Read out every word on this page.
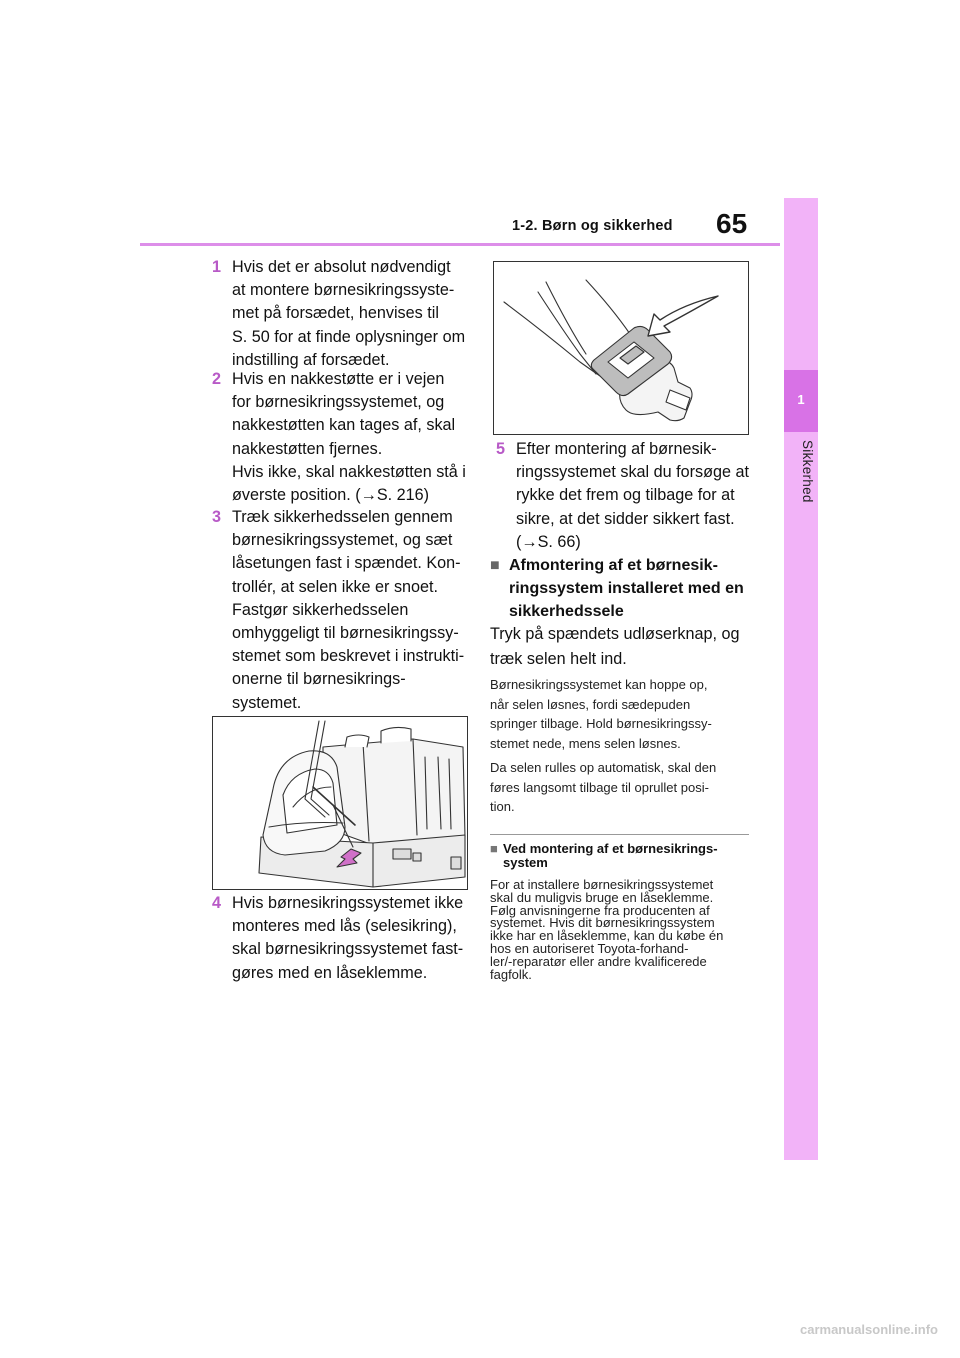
1-2. Børn og sikkerhed 65
1
Sikkerhed
1 Hvis det er absolut nødvendigt
at montere børnesikringssyste-
met på forsædet, henvises til
S. 50 for at finde oplysninger om
indstilling af forsædet.
2 Hvis en nakkestøtte er i vejen
for børnesikringssystemet, og
nakkestøtten kan tages af, skal
nakkestøtten fjernes.
Hvis ikke, skal nakkestøtten stå i
øverste position. (→S. 216)
3 Træk sikkerhedsselen gennem
børnesikringssystemet, og sæt
låsetungen fast i spændet. Kon-
trollér, at selen ikke er snoet.
Fastgør sikkerhedsselen
omhyggeligt til børnesikringssy-
stemet som beskrevet i instrukti-
onerne til børnesikrings-
systemet.
4 Hvis børnesikringssystemet ikke
monteres med lås (selesikring),
skal børnesikringssystemet fast-
gøres med en låseklemme.
5 Efter montering af børnesik-
ringssystemet skal du forsøge at
rykke det frem og tilbage for at
sikre, at det sidder sikkert fast.
(→S. 66)
■ Afmontering af et børnesik-
ringssystem installeret med en
sikkerhedssele
Tryk på spændets udløserknap, og
træk selen helt ind.
Børnesikringssystemet kan hoppe op,
når selen løsnes, fordi sædepuden
springer tilbage. Hold børnesikringssy-
stemet nede, mens selen løsnes.
Da selen rulles op automatisk, skal den
føres langsomt tilbage til oprullet posi-
tion.
■ Ved montering af et børnesikrings-
system
For at installere børnesikringssystemet
skal du muligvis bruge en låseklemme.
Følg anvisningerne fra producenten af
systemet. Hvis dit børnesikringssystem
ikke har en låseklemme, kan du købe én
hos en autoriseret Toyota-forhand-
ler/-reparatør eller andre kvalificerede
fagfolk.
carmanualsonline.info
